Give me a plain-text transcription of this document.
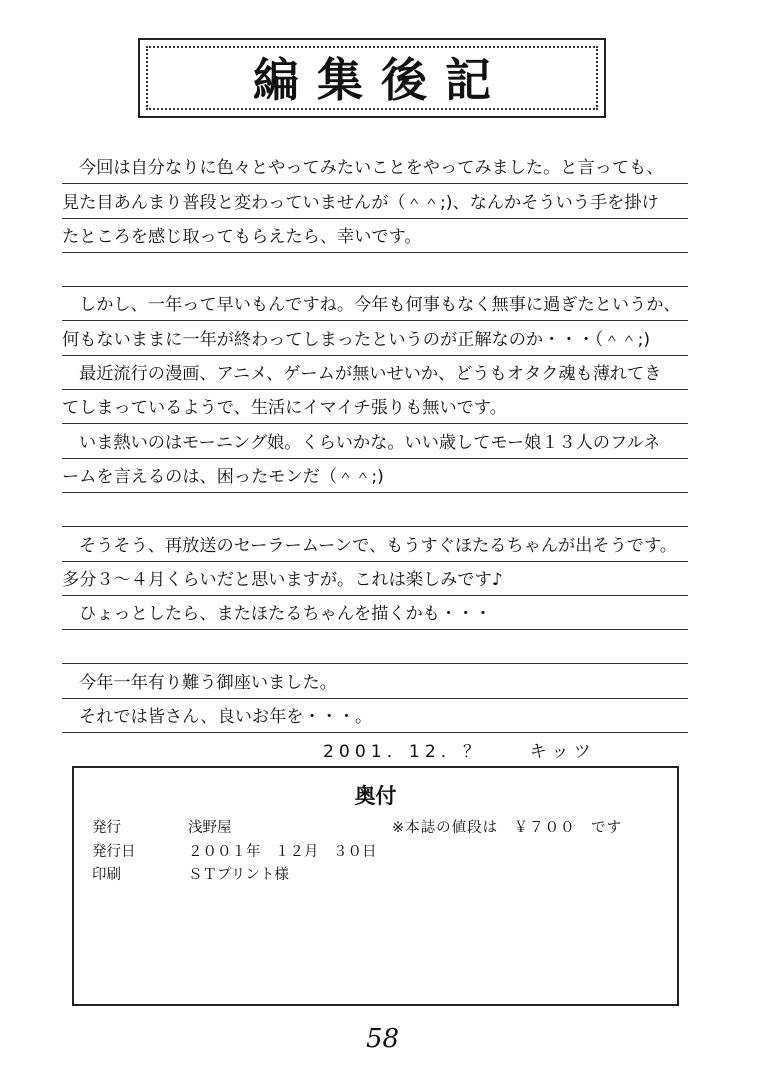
編集後記
今回は自分なりに色々とやってみたいことをやってみました。と言っても、
見た目あんまり普段と変わっていませんが（＾＾;)、なんかそういう手を掛け
たところを感じ取ってもらえたら、幸いです。
しかし、一年って早いもんですね。今年も何事もなく無事に過ぎたというか、
何もないままに一年が終わってしまったというのが正解なのか・・・（＾＾;)
最近流行の漫画、アニメ、ゲームが無いせいか、どうもオタク魂も薄れてき
てしまっているようで、生活にイマイチ張りも無いです。
いま熱いのはモーニング娘。くらいかな。いい歳してモー娘１３人のフルネ
ームを言えるのは、困ったモンだ（＾＾;)
そうそう、再放送のセーラームーンで、もうすぐほたるちゃんが出そうです。
多分３～４月くらいだと思いますが。これは楽しみです♪
ひょっとしたら、またほたるちゃんを描くかも・・・
今年一年有り難う御座いました。
それでは皆さん、良いお年を・・・。
2001．12．？　　キッツ
奥付
発行	浅野屋	※本誌の値段は　￥７００　です
発行日	２００１年　１２月　３０日
印刷	ＳＴプリント様
58
